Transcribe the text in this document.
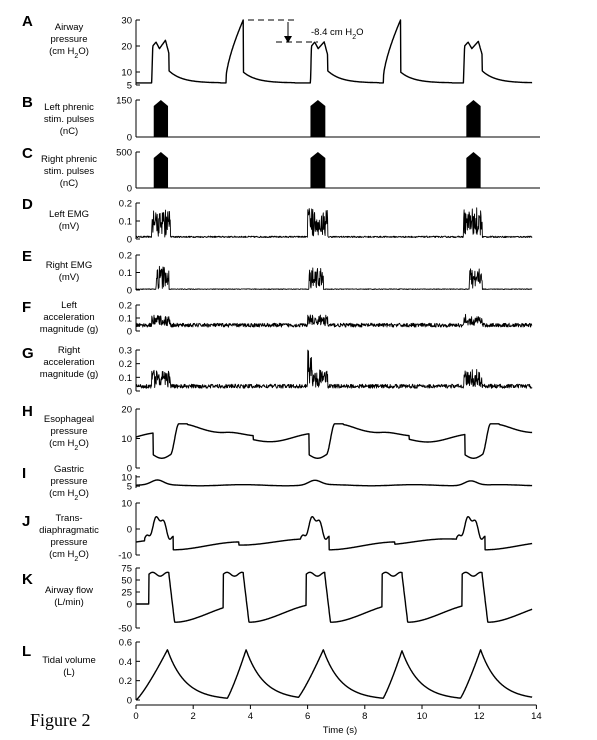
A Airway
pressure
(cm $H_2O$)
5
10
20
30
B Left phrenic
stim. pulses
(nC)
0
150
C Right phrenic
stim. pulses
(nC)	0
500
D
Left EMG
(mV)
0
0.1
0.2
E
Right EMG
(mV)
0
0.1
0.2
F	Left
acceleration
magnitude (g)	0
0.1
0.2
G	Right
acceleration
magnitude (g)
0
0.1
0.2
0.3
H Esophageal
pressure
(cm $H_2O$)
0
10
20
I	Gastric
pressure
(cm $H_2O$)
5
10
J	Trans-
diaphragmatic
pressure
(cm $H_2O$)	-10
0
10
K
Airway flow
(L/min)
-50
0
25
50
75
L
Tidal volume
(L)
0
0.2
0.4
0.6
-8.4 cm $H_2O$
0	2	4	6	8	10	12	14
Time (s)
Figure 2
